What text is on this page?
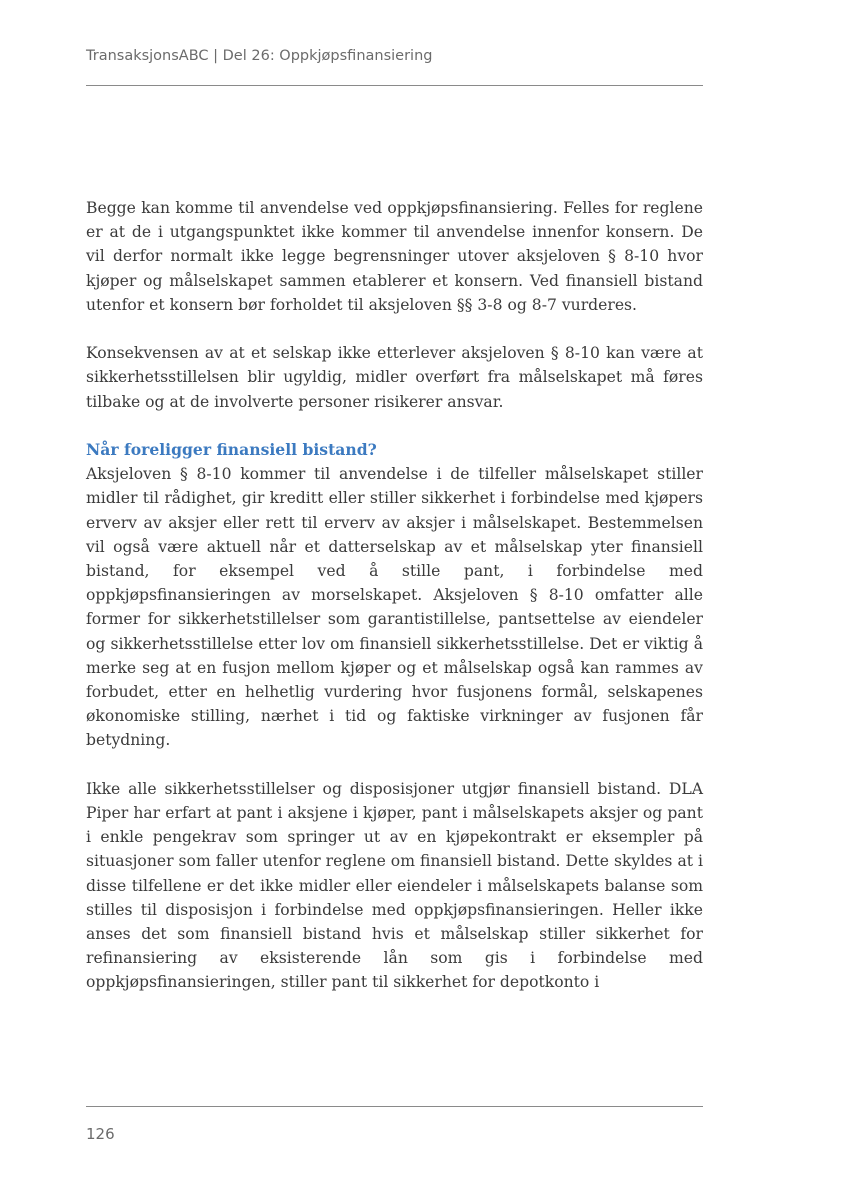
TransaksjonsABC | Del 26: Oppkjøpsfinansiering

Begge kan komme til anvendelse ved oppkjøpsfinansiering. Felles for reglene er at de i utgangspunktet ikke kommer til anvendelse innenfor konsern. De vil derfor normalt ikke legge begrensninger utover aksjeloven § 8-10 hvor kjøper og målselskapet sammen etablerer et konsern. Ved finansiell bistand utenfor et konsern bør forholdet til aksjeloven §§ 3-8 og 8-7 vurderes.

Konsekvensen av at et selskap ikke etterlever aksjeloven § 8-10 kan være at sikkerhetsstillelsen blir ugyldig, midler overført fra målselskapet må føres tilbake og at de involverte personer risikerer ansvar.

Når foreligger finansiell bistand?

Aksjeloven § 8-10 kommer til anvendelse i de tilfeller målselskapet stiller midler til rådighet, gir kreditt eller stiller sikkerhet i forbindelse med kjøpers erverv av aksjer eller rett til erverv av aksjer i målselskapet. Bestemmelsen vil også være aktuell når et datterselskap av et målselskap yter finansiell bistand, for eksempel ved å stille pant, i forbindelse med oppkjøpsfinansieringen av morselskapet. Aksjeloven § 8-10 omfatter alle former for sikkerhetstillelser som garantistillelse, pantsettelse av eiendeler og sikkerhetsstillelse etter lov om finansiell sikkerhetsstillelse. Det er viktig å merke seg at en fusjon mellom kjøper og et målselskap også kan rammes av forbudet, etter en helhetlig vurdering hvor fusjonens formål, selskapenes økonomiske stilling, nærhet i tid og faktiske virkninger av fusjonen får betydning.

Ikke alle sikkerhetsstillelser og disposisjoner utgjør finansiell bistand. DLA Piper har erfart at pant i aksjene i kjøper, pant i målselskapets aksjer og pant i enkle pengekrav som springer ut av en kjøpekontrakt er eksempler på situasjoner som faller utenfor reglene om finansiell bistand. Dette skyldes at i disse tilfellene er det ikke midler eller eiendeler i målselskapets balanse som stilles til disposisjon i forbindelse med oppkjøpsfinansieringen. Heller ikke anses det som finansiell bistand hvis et målselskap stiller sikkerhet for refinansiering av eksisterende lån som gis i forbindelse med oppkjøpsfinansieringen, stiller pant til sikkerhet for depotkonto i

126
